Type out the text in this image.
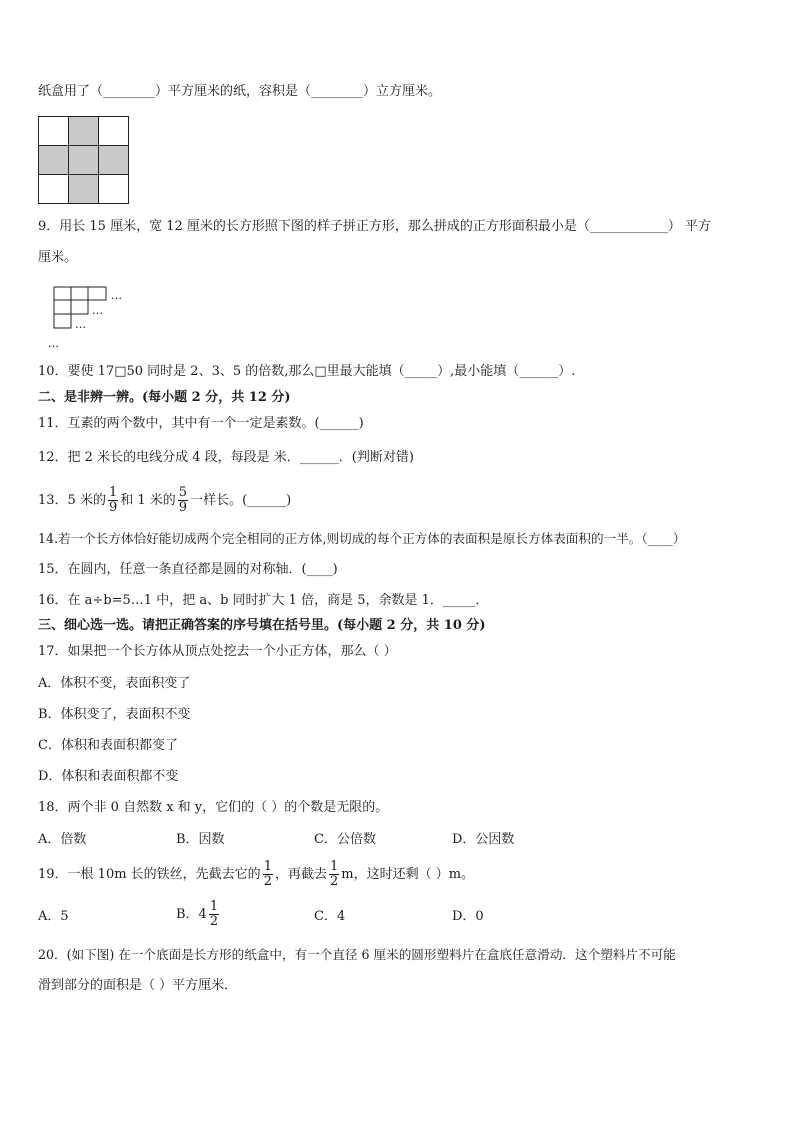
纸盒用了（________）平方厘米的纸，容积是（________）立方厘米。

9．用长 15 厘米，宽 12 厘米的长方形照下图的样子拼正方形，那么拼成的正方形面积最小是（____________） 平方
厘米。
…
…
…
…
10．要使 17□50 同时是 2、3、5 的倍数,那么□里最大能填（_____）,最小能填（______）.
二、是非辨一辨。(每小题 2 分，共 12 分)
11．互素的两个数中，其中有一个一定是素数。(______)
12．把 2 米长的电线分成 4 段，每段是 米．______．(判断对错)
13．5 米的 $\frac{1}{9}$ 和 1 米的 $\frac{5}{9}$ 一样长。(______)
14.若一个长方体恰好能切成两个完全相同的正方体,则切成的每个正方体的表面积是原长方体表面积的一半。（____）
15．在圆内，任意一条直径都是圆的对称轴．(____)
16．在 a÷b=5…1 中，把 a、b 同时扩大 1 倍，商是 5，余数是 1．_____．
三、细心选一选。请把正确答案的序号填在括号里。(每小题 2 分，共 10 分)
17．如果把一个长方体从顶点处挖去一个小正方体，那么（ ）
A．体积不变，表面积变了
B．体积变了，表面积不变
C．体积和表面积都变了
D．体积和表面积都不变
18．两个非 0 自然数 x 和 y，它们的（ ）的个数是无限的。
A．倍数	B．因数	C．公倍数	D．公因数
19．一根 10m 长的铁丝，先截去它的 $\frac{1}{2}$ ，再截去 $\frac{1}{2}$ m，这时还剩（ ）m。
A．5	B．$4 \frac{1}{2}$	C．4	D．0
20．(如下图) 在一个底面是长方形的纸盒中，有一个直径 6 厘米的圆形塑料片在盒底任意滑动．这个塑料片不可能
滑到部分的面积是（ ）平方厘米．
